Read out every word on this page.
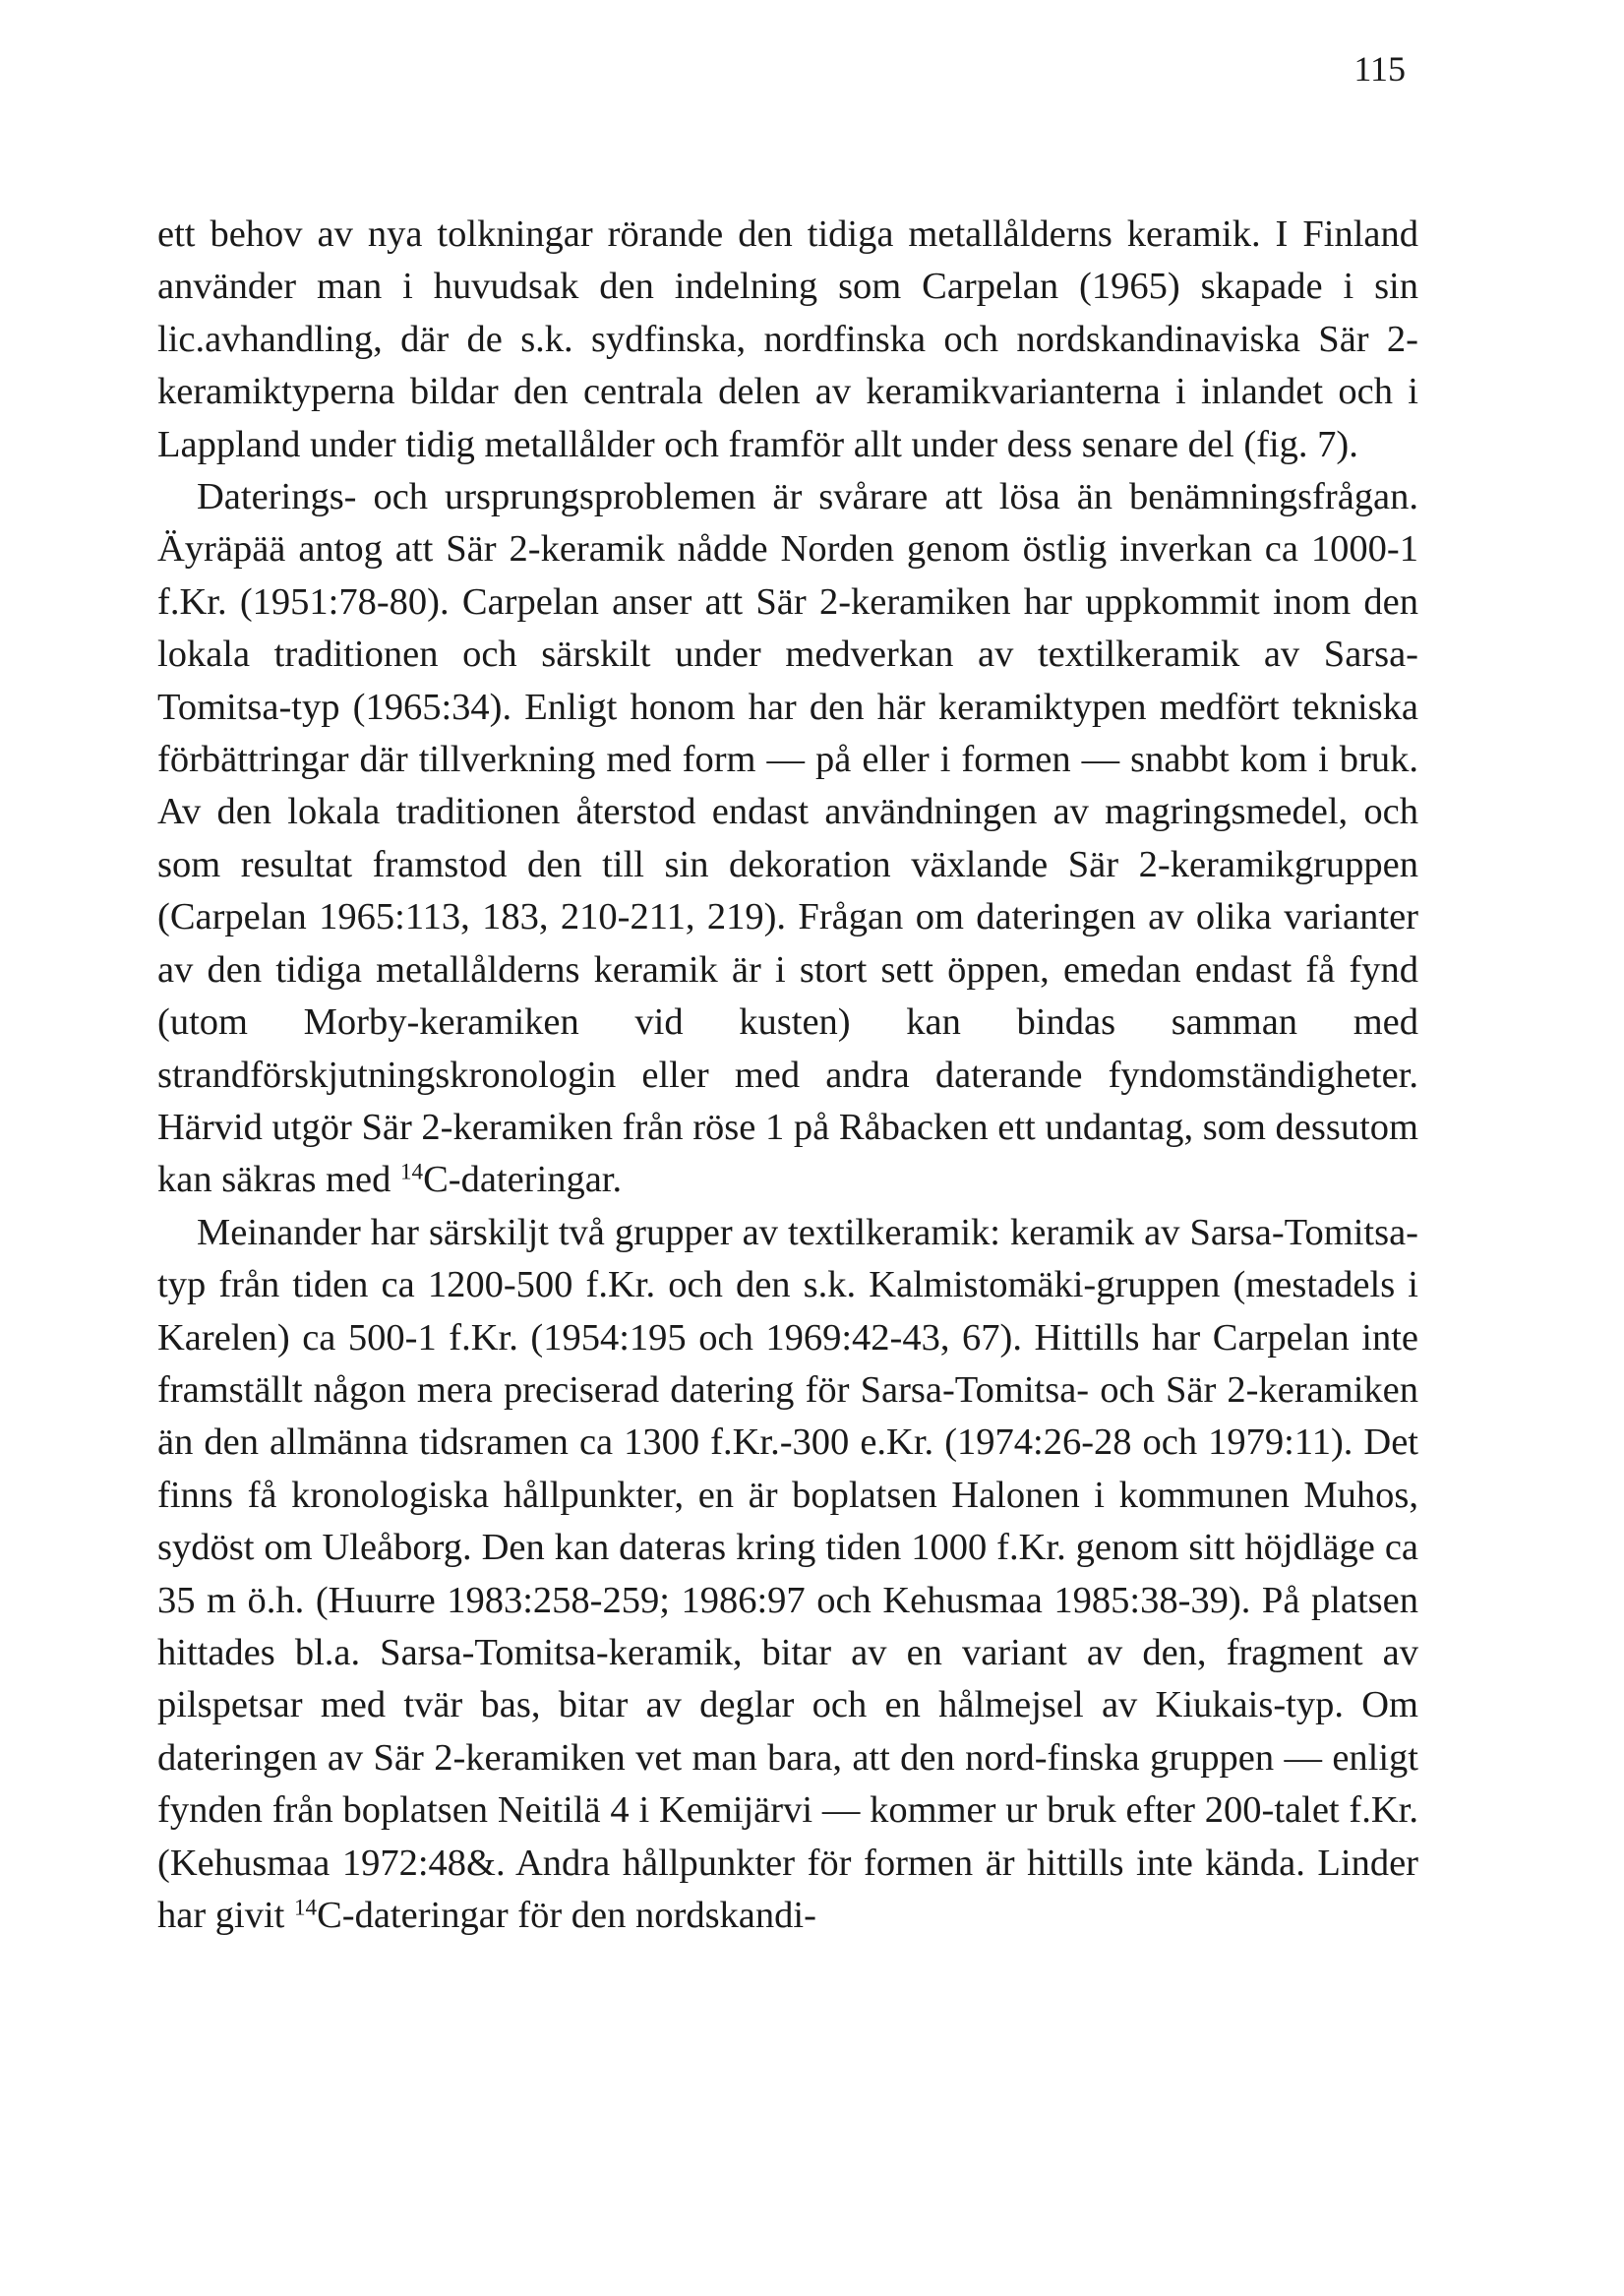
115

ett behov av nya tolkningar rörande den tidiga metallålderns keramik. I Finland använder man i huvudsak den indelning som Carpelan (1965) skapade i sin lic.avhandling, där de s.k. sydfinska, nordfinska och nordskandinaviska Sär 2-keramiktyperna bildar den centrala delen av keramikvarianterna i inlandet och i Lappland under tidig metallålder och framför allt under dess senare del (fig. 7).

Daterings- och ursprungsproblemen är svårare att lösa än benämningsfrågan. Äyräpää antog att Sär 2-keramik nådde Norden genom östlig inverkan ca 1000-1 f.Kr. (1951:78-80). Carpelan anser att Sär 2-keramiken har uppkommit inom den lokala traditionen och särskilt under medverkan av textilkeramik av Sarsa-Tomitsa-typ (1965:34). Enligt honom har den här keramiktypen medfört tekniska förbättringar där tillverkning med form — på eller i formen — snabbt kom i bruk. Av den lokala traditionen återstod endast användningen av magringsmedel, och som resultat framstod den till sin dekoration växlande Sär 2-keramikgruppen (Carpelan 1965:113, 183, 210-211, 219). Frågan om dateringen av olika varianter av den tidiga metallålderns keramik är i stort sett öppen, emedan endast få fynd (utom Morby-keramiken vid kusten) kan bindas samman med strandförskjutningskronologin eller med andra daterande fyndomständigheter. Härvid utgör Sär 2-keramiken från röse 1 på Råbacken ett undantag, som dessutom kan säkras med $^{14}$C-dateringar.

Meinander har särskiljt två grupper av textilkeramik: keramik av Sarsa-Tomitsa-typ från tiden ca 1200-500 f.Kr. och den s.k. Kalmistomäki-gruppen (mestadels i Karelen) ca 500-1 f.Kr. (1954:195 och 1969:42-43, 67). Hittills har Carpelan inte framställt någon mera preciserad datering för Sarsa-Tomitsa- och Sär 2-keramiken än den allmänna tidsramen ca 1300 f.Kr.-300 e.Kr. (1974:26-28 och 1979:11). Det finns få kronologiska hållpunkter, en är boplatsen Halonen i kommunen Muhos, sydöst om Uleåborg. Den kan dateras kring tiden 1000 f.Kr. genom sitt höjdläge ca 35 m ö.h. (Huurre 1983:258-259; 1986:97 och Kehusmaa 1985:38-39). På platsen hittades bl.a. Sarsa-Tomitsa-keramik, bitar av en variant av den, fragment av pilspetsar med tvär bas, bitar av deglar och en hålmejsel av Kiukais-typ. Om dateringen av Sär 2-keramiken vet man bara, att den nord-finska gruppen — enligt fynden från boplatsen Neitilä 4 i Kemijärvi — kommer ur bruk efter 200-talet f.Kr. (Kehusmaa 1972:48&. Andra hållpunkter för formen är hittills inte kända. Linder har givit $^{14}$C-dateringar för den nordskandi-
